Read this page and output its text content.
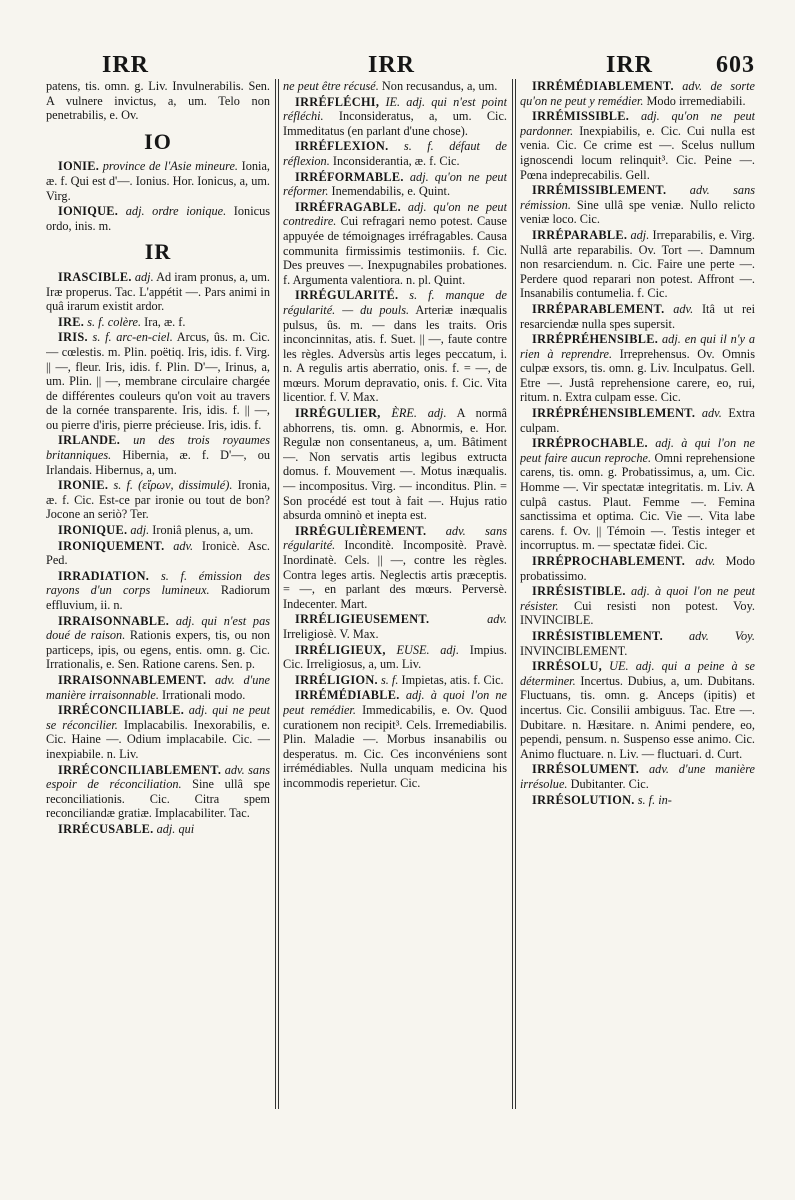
IRR	IRR	IRR	603
patens, tis. omn. g. Liv. Invulnerabilis. Sen. A vulnere invictus, a, um. Telo non penetrabilis, e. Ov.
IO
IONIE. province de l'Asie mineure. Ionia, æ. f. Qui est d'—. Ionius. Hor. Ionicus, a, um. Virg.
IONIQUE. adj. ordre ionique. Ionicus ordo, inis. m.
IR
IRASCIBLE. adj. Ad iram pronus, a, um. Iræ properus. Tac. L'appétit —. Pars animi in quâ irarum existit ardor.
IRE. s. f. colère. Ira, æ. f.
IRIS. s. f. arc-en-ciel. Arcus, ûs. m. Cic. — cœlestis. m. Plin. poëtiq. Iris, idis. f. Virg. || —, fleur. Iris, idis. f. Plin. D'—, Irinus, a, um. Plin. || —, membrane circulaire chargée de différentes couleurs qu'on voit au travers de la cornée transparente. Iris, idis. f. || —, ou pierre d'iris, pierre précieuse. Iris, idis. f.
IRLANDE. un des trois royaumes britanniques. Hibernia, æ. f. D'—, ou Irlandais. Hibernus, a, um.
IRONIE. s. f. (εἴρων, dissimulé). Ironia, æ. f. Cic. Est-ce par ironie ou tout de bon? Jocone an seriò? Ter.
IRONIQUE. adj. Ironiâ plenus, a, um.
IRONIQUEMENT. adv. Ironicè. Asc. Ped.
IRRADIATION. s. f. émission des rayons d'un corps lumineux. Radiorum effluvium, ii. n.
IRRAISONNABLE. adj. qui n'est pas doué de raison. Rationis expers, tis, ou non particeps, ipis, ou egens, entis. omn. g. Cic. Irrationalis, e. Sen. Ratione carens. Sen. p.
IRRAISONNABLEMENT. adv. d'une manière irraisonnable. Irrationali modo.
IRRÉCONCILIABLE. adj. qui ne peut se réconcilier. Implacabilis. Inexorabilis, e. Cic. Haine —. Odium implacabile. Cic. — inexpiabile. n. Liv.
IRRÉCONCILIABLEMENT. adv. sans espoir de réconciliation. Sine ullâ spe reconciliationis. Cic. Citra spem reconciliandæ gratiæ. Implacabiliter. Tac.
IRRÉCUSABLE. adj. qui
ne peut être récusé. Non recusandus, a, um.
IRRÉFLÉCHI, IE. adj. qui n'est point réfléchi. Inconsideratus, a, um. Cic. Immeditatus (en parlant d'une chose).
IRRÉFLEXION. s. f. défaut de réflexion. Inconsiderantia, æ. f. Cic.
IRRÉFORMABLE. adj. qu'on ne peut réformer. Inemendabilis, e. Quint.
IRRÉFRAGABLE. adj. qu'on ne peut contredire. Cui refragari nemo potest. Cause appuyée de témoignages irréfragables. Causa communita firmissimis testimoniis. f. Cic. Des preuves —. Inexpugnabiles probationes. f. Argumenta valentiora. n. pl. Quint.
IRRÉGULARITÉ. s. f. manque de régularité. — du pouls. Arteriæ inæqualis pulsus, ûs. m. — dans les traits. Oris inconcinnitas, atis. f. Suet. || —, faute contre les règles. Adversùs artis leges peccatum, i. n. A regulis artis aberratio, onis. f. = —, de mœurs. Morum depravatio, onis. f. Cic. Vita licentior. f. V. Max.
IRRÉGULIER, ÈRE. adj. A normâ abhorrens, tis. omn. g. Abnormis, e. Hor. Regulæ non consentaneus, a, um. Bâtiment —. Non servatis artis legibus extructa domus. f. Mouvement —. Motus inæqualis. — incompositus. Virg. — inconditus. Plin. = Son procédé est tout à fait —. Hujus ratio absurda omninò et inepta est.
IRRÉGULIÈREMENT. adv. sans régularité. Inconditè. Incompositè. Pravè. Inordinatè. Cels. || —, contre les règles. Contra leges artis. Neglectis artis præceptis. = —, en parlant des mœurs. Perversè. Indecenter. Mart.
IRRÉLIGIEUSEMENT.	adv. Irreligiosè. V. Max.
IRRÉLIGIEUX, EUSE. adj. Impius. Cic. Irreligiosus, a, um. Liv.
IRRÉLIGION. s. f. Impietas, atis. f. Cic.
IRRÉMÉDIABLE. adj. à quoi l'on ne peut remédier. Immedicabilis, e. Ov. Quod curationem non recipit³. Cels. Irremediabilis. Plin. Maladie —. Morbus insanabilis ou desperatus. m. Cic. Ces inconvéniens sont irrémédiables. Nulla unquam medicina his incommodis reperietur. Cic.
IRRÉMÉDIABLEMENT. adv. de sorte qu'on ne peut y remédier. Modo irremediabili.
IRRÉMISSIBLE. adj. qu'on ne peut pardonner. Inexpiabilis, e. Cic. Cui nulla est venia. Cic. Ce crime est —. Scelus nullum ignoscendi locum relinquit³. Cic. Peine —. Pœna indeprecabilis. Gell.
IRRÉMISSIBLEMENT. adv. sans rémission. Sine ullâ spe veniæ. Nullo relicto veniæ loco. Cic.
IRRÉPARABLE. adj. Irreparabilis, e. Virg. Nullâ arte reparabilis. Ov. Tort —. Damnum non resarciendum. n. Cic. Faire une perte —. Perdere quod reparari non potest. Affront —. Insanabilis contumelia. f. Cic.
IRRÉPARABLEMENT. adv. Itâ ut rei resarciendæ nulla spes supersit.
IRRÉPRÉHENSIBLE. adj. en qui il n'y a rien à reprendre. Irreprehensus. Ov. Omnis culpæ exsors, tis. omn. g. Liv. Inculpatus. Gell. Etre —. Justâ reprehensione carere, eo, rui, ritum. n. Extra culpam esse. Cic.
IRRÉPRÉHENSIBLEMENT. adv. Extra culpam.
IRRÉPROCHABLE. adj. à qui l'on ne peut faire aucun reproche. Omni reprehensione carens, tis. omn. g. Probatissimus, a, um. Cic. Homme —. Vir spectatæ integritatis. m. Liv. A culpâ castus. Plaut. Femme —. Femina sanctissima et optima. Cic. Vie —. Vita labe carens. f. Ov. || Témoin —. Testis integer et incorruptus. m. — spectatæ fidei. Cic.
IRRÉPROCHABLEMENT. adv. Modo probatissimo.
IRRÉSISTIBLE. adj. à quoi l'on ne peut résister. Cui resisti non potest. Voy. INVINCIBLE.
IRRÉSISTIBLEMENT. adv. Voy. INVINCIBLEMENT.
IRRÉSOLU, UE. adj. qui a peine à se déterminer. Incertus. Dubius, a, um. Dubitans. Fluctuans, tis. omn. g. Anceps (ipitis) et incertus. Cic. Consilii ambiguus. Tac. Etre —. Dubitare. n. Hæsitare. n. Animi pendere, eo, pependi, pensum. n. Suspenso esse animo. Cic. Animo fluctuare. n. Liv. — fluctuari. d. Curt.
IRRÉSOLUMENT. adv. d'une manière irrésolue. Dubitanter. Cic.
IRRÉSOLUTION. s. f. in-
